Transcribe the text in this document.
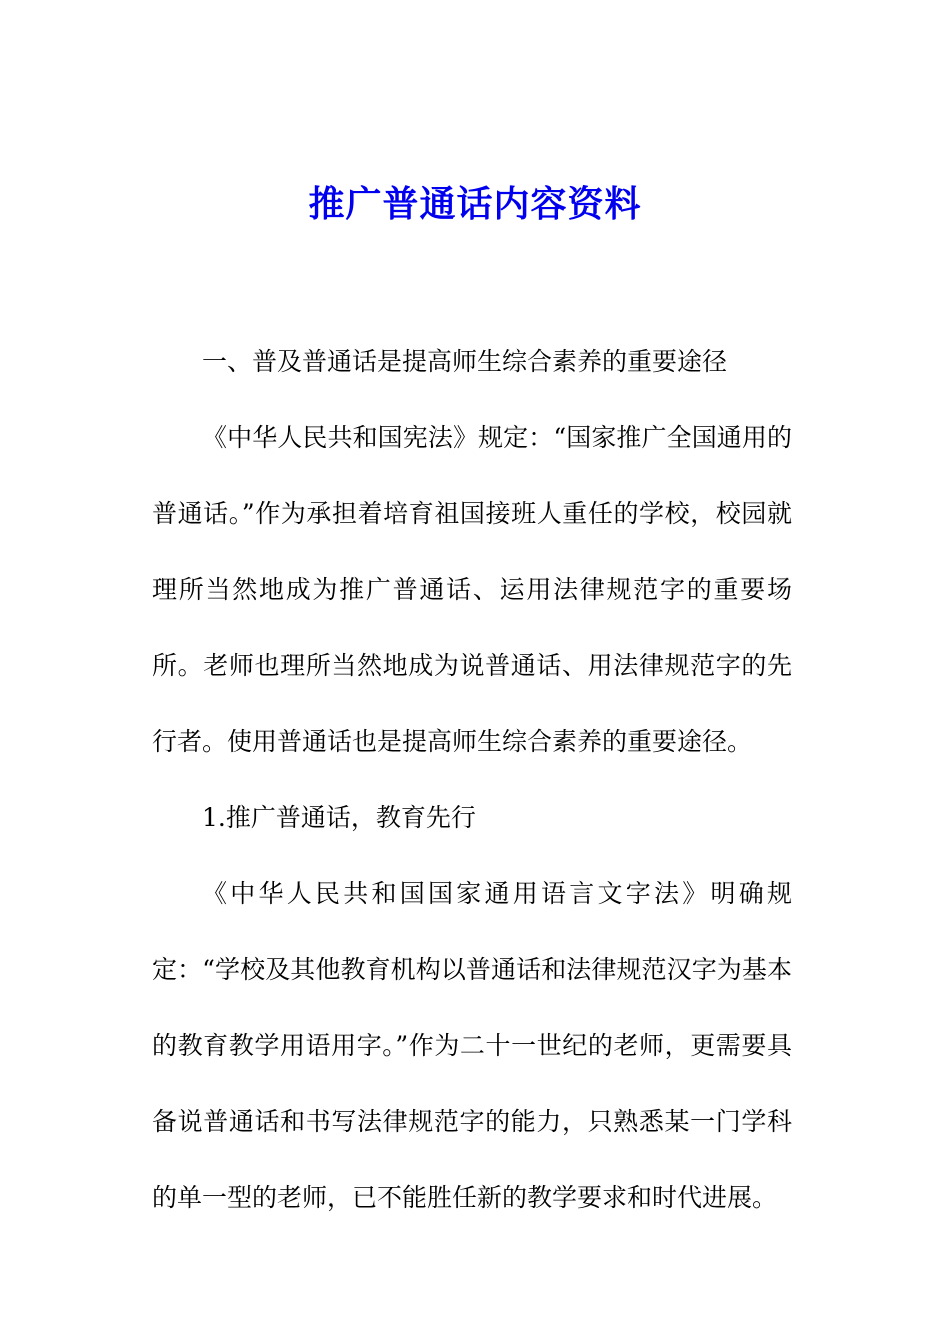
推广普通话内容资料

一、普及普通话是提高师生综合素养的重要途径

《中华人民共和国宪法》规定：“国家推广全国通用的普通话。”作为承担着培育祖国接班人重任的学校，校园就理所当然地成为推广普通话、运用法律规范字的重要场所。老师也理所当然地成为说普通话、用法律规范字的先行者。使用普通话也是提高师生综合素养的重要途径。

1.推广普通话，教育先行

《中华人民共和国国家通用语言文字法》明确规定：“学校及其他教育机构以普通话和法律规范汉字为基本的教育教学用语用字。”作为二十一世纪的老师，更需要具备说普通话和书写法律规范字的能力，只熟悉某一门学科的单一型的老师，已不能胜任新的教学要求和时代进展。
